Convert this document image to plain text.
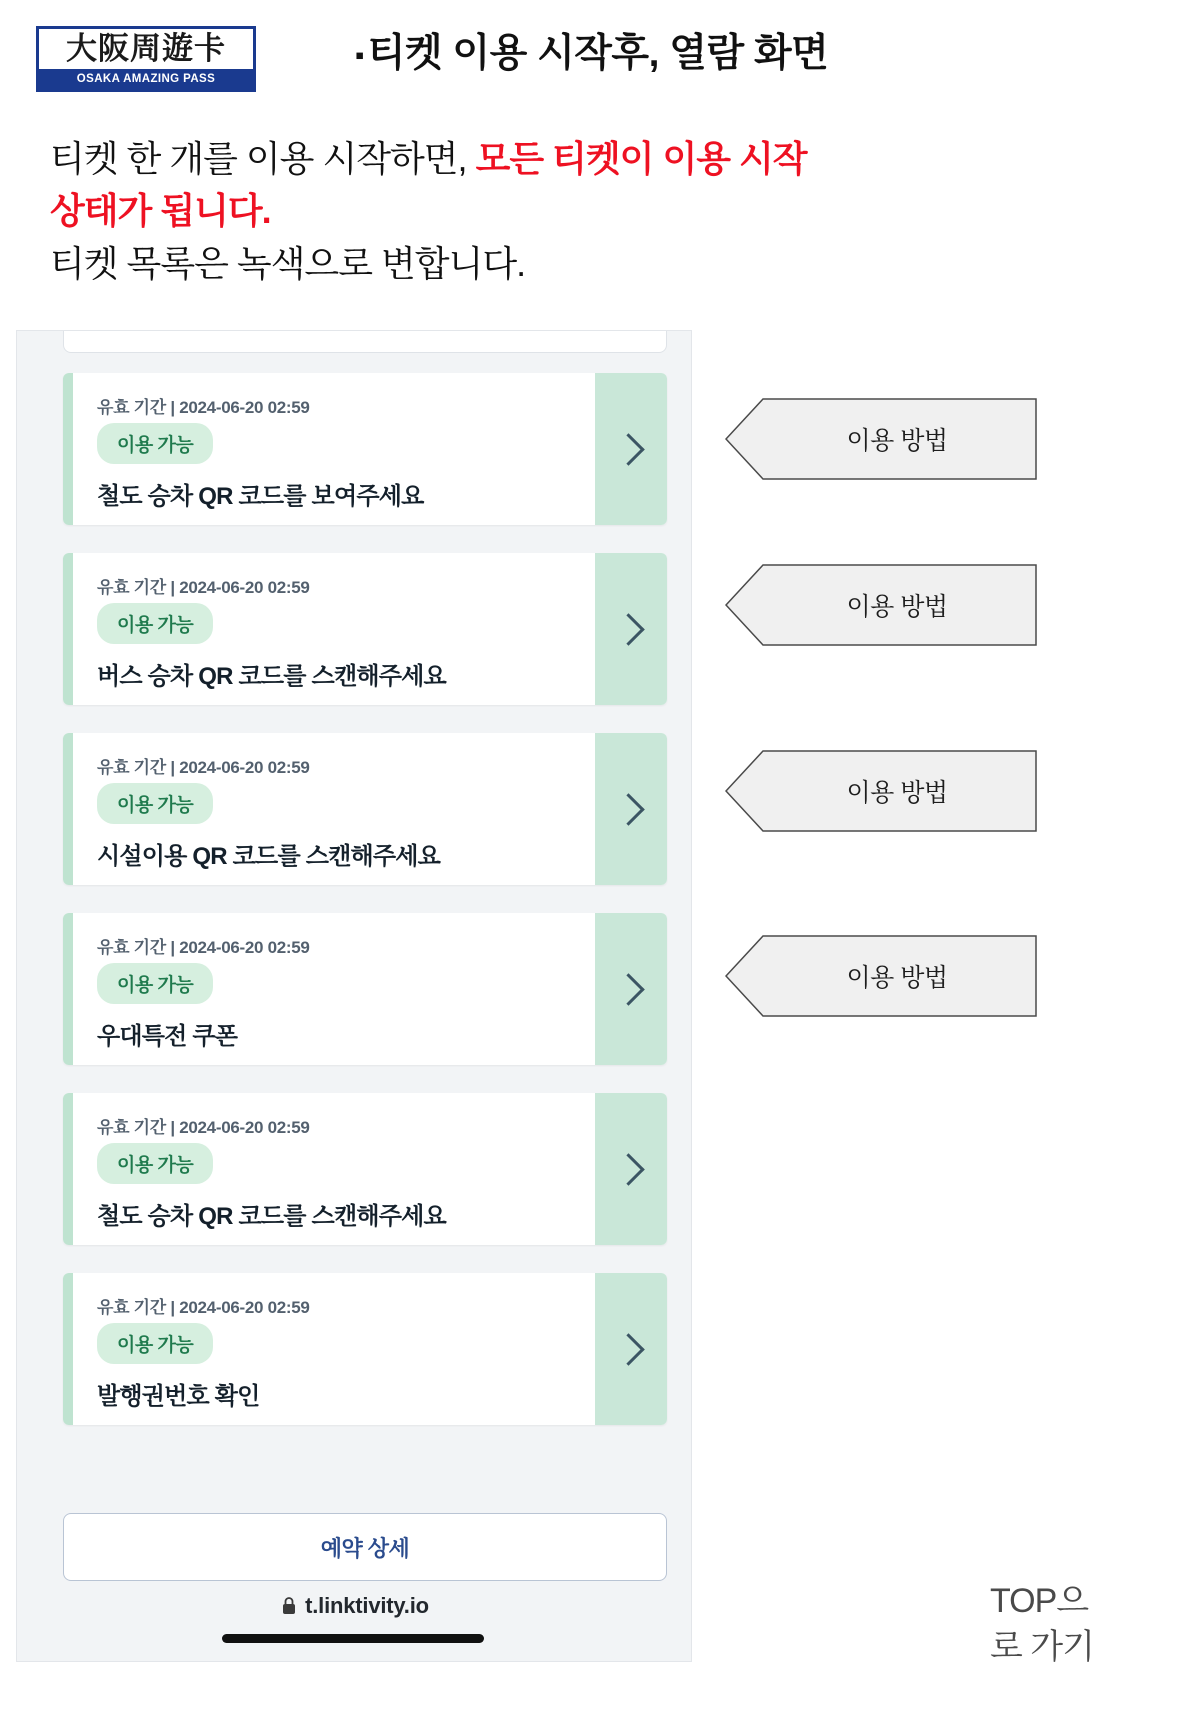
大阪周遊卡
OSAKA AMAZING PASS
▪ 티켓 이용 시작후, 열람 화면
티켓 한 개를 이용 시작하면, 모든 티켓이 이용 시작
상태가 됩니다.
티켓 목록은 녹색으로 변합니다.
유효 기간 | 2024-06-20 02:59
이용 가능
철도 승차 QR 코드를 보여주세요
유효 기간 | 2024-06-20 02:59
이용 가능
버스 승차 QR 코드를 스캔해주세요
유효 기간 | 2024-06-20 02:59
이용 가능
시설이용 QR 코드를 스캔해주세요
유효 기간 | 2024-06-20 02:59
이용 가능
우대특전 쿠폰
유효 기간 | 2024-06-20 02:59
이용 가능
철도 승차 QR 코드를 스캔해주세요
유효 기간 | 2024-06-20 02:59
이용 가능
발행권번호 확인
예약 상세
t.linktivity.io
이용 방법
이용 방법
이용 방법
이용 방법
TOP으
로 가기
